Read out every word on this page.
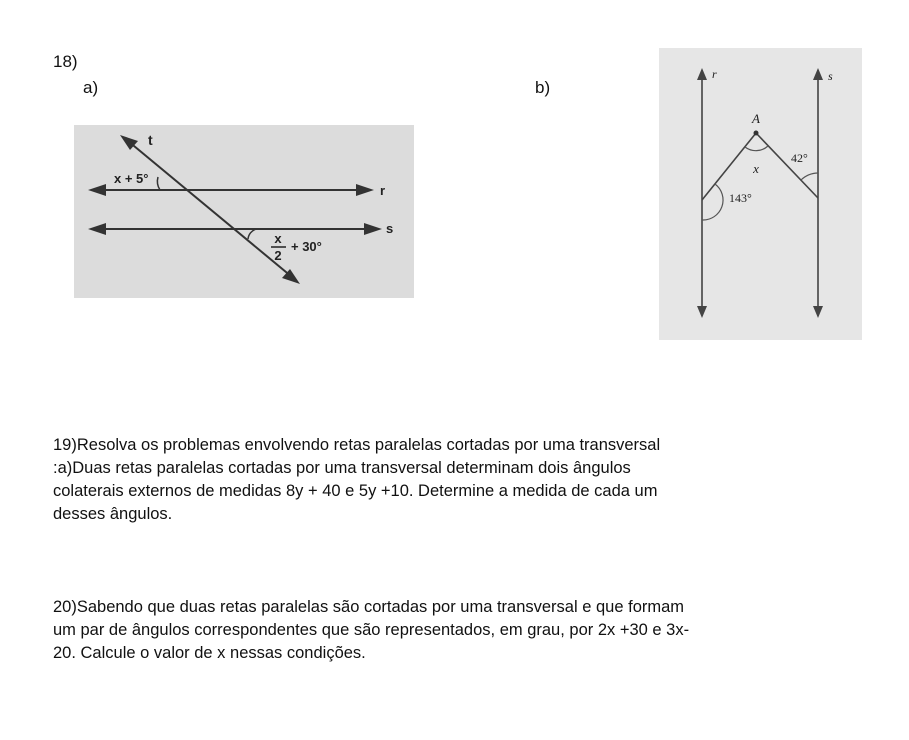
18)
a)	b)
t
r
s
x + 5°
x
2
+ 30°
r	s
A
x
42°
143°
19)Resolva os problemas envolvendo retas paralelas cortadas por uma transversal
:a)Duas retas paralelas cortadas por uma transversal determinam dois ângulos
colaterais externos de medidas 8y + 40 e 5y +10. Determine a medida de cada um
desses ângulos.
20)Sabendo que duas retas paralelas são cortadas por uma transversal e que formam
um par de ângulos correspondentes que são representados, em grau, por 2x +30 e 3x-
20. Calcule o valor de x nessas condições.
